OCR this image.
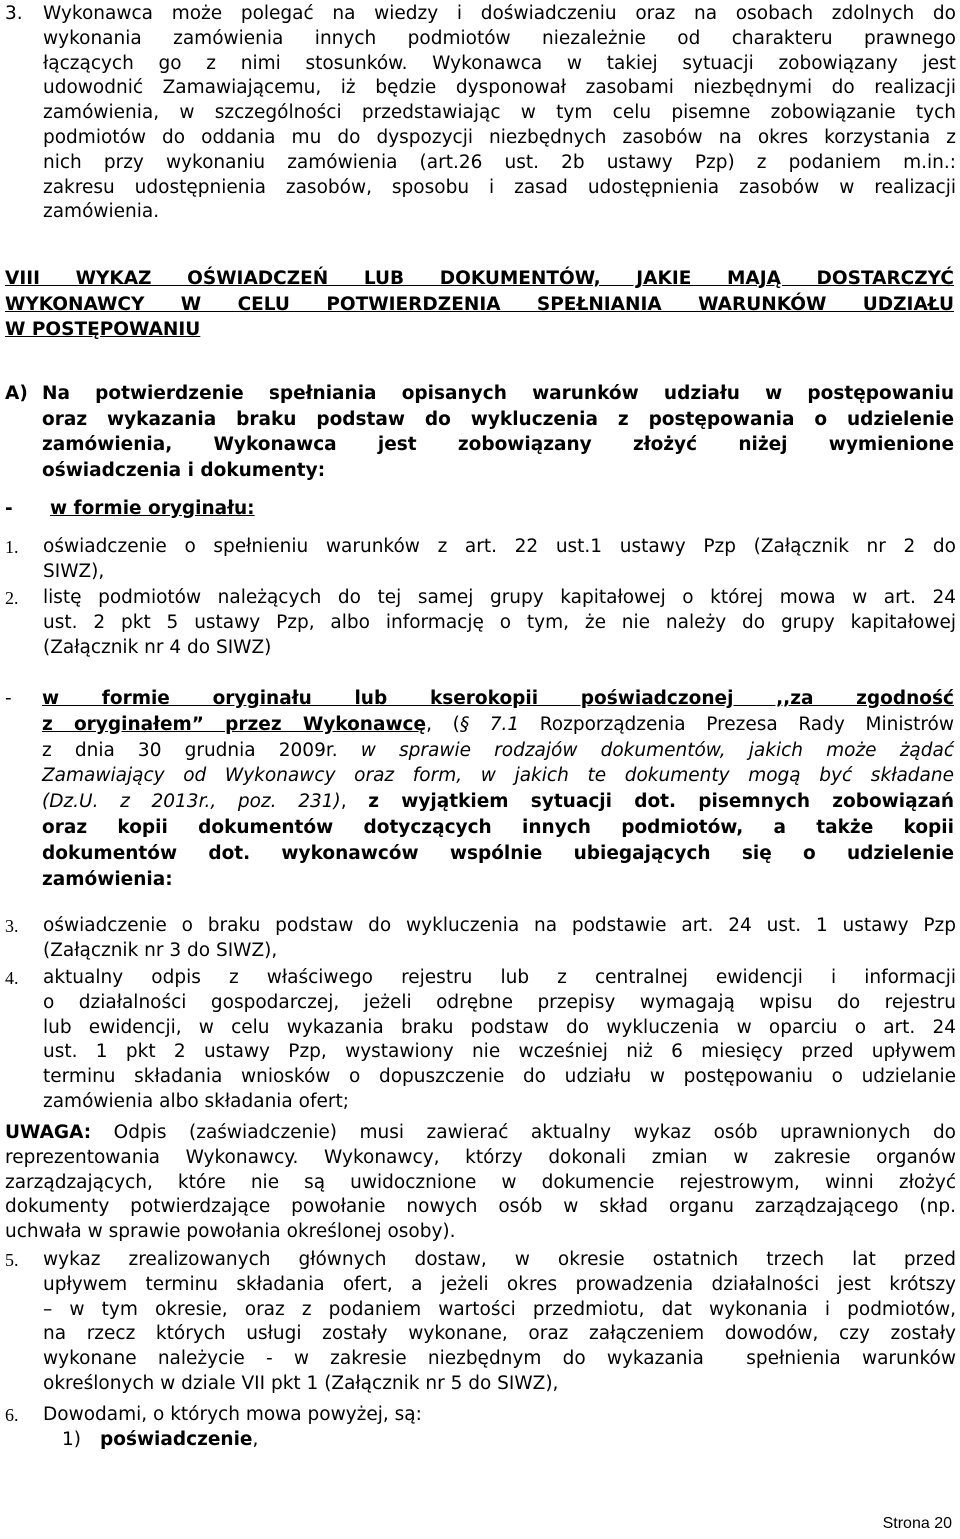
3.	Wykonawca może polegać na wiedzy i doświadczeniu oraz na osobach zdolnych do
wykonania zamówienia innych podmiotów niezależnie od charakteru prawnego
łączących go z nimi stosunków. Wykonawca w takiej sytuacji zobowiązany jest
udowodnić Zamawiającemu, iż będzie dysponował zasobami niezbędnymi do realizacji
zamówienia, w szczególności przedstawiając w tym celu pisemne zobowiązanie tych
podmiotów do oddania mu do dyspozycji niezbędnych zasobów na okres korzystania z
nich przy wykonaniu zamówienia (art.26 ust. 2b ustawy Pzp) z podaniem m.in.:
zakresu udostępnienia zasobów, sposobu i zasad udostępnienia zasobów w realizacji
zamówienia.
VIII WYKAZ OŚWIADCZEŃ LUB DOKUMENTÓW, JAKIE MAJĄ DOSTARCZYĆ
WYKONAWCY W CELU POTWIERDZENIA SPEŁNIANIA WARUNKÓW UDZIAŁU
W POSTĘPOWANIU
A) Na potwierdzenie spełniania opisanych warunków udziału w postępowaniu
oraz wykazania braku podstaw do wykluczenia z postępowania o udzielenie
zamówienia, Wykonawca jest zobowiązany złożyć niżej wymienione
oświadczenia i dokumenty:
-	w formie oryginału:
1.	oświadczenie o spełnieniu warunków z art. 22 ust.1 ustawy Pzp (Załącznik nr 2 do
SIWZ),
2.	listę podmiotów należących do tej samej grupy kapitałowej o której mowa w art. 24
ust. 2 pkt 5 ustawy Pzp, albo informację o tym, że nie należy do grupy kapitałowej
(Załącznik nr 4 do SIWZ)
-	w formie oryginału lub kserokopii poświadczonej ,,za zgodność
z oryginałem” przez Wykonawcę, (§ 7.1 Rozporządzenia Prezesa Rady Ministrów
z dnia 30 grudnia 2009r. w sprawie rodzajów dokumentów, jakich może żądać
Zamawiający od Wykonawcy oraz form, w jakich te dokumenty mogą być składane
(Dz.U. z 2013r., poz. 231), z wyjątkiem sytuacji dot. pisemnych zobowiązań
oraz kopii dokumentów dotyczących innych podmiotów, a także kopii
dokumentów dot. wykonawców wspólnie ubiegających się o udzielenie
zamówienia:
3.	oświadczenie o braku podstaw do wykluczenia na podstawie art. 24 ust. 1 ustawy Pzp
(Załącznik nr 3 do SIWZ),
4.	aktualny odpis z właściwego rejestru lub z centralnej ewidencji i informacji
o działalności gospodarczej, jeżeli odrębne przepisy wymagają wpisu do rejestru
lub ewidencji, w celu wykazania braku podstaw do wykluczenia w oparciu o art. 24
ust. 1 pkt 2 ustawy Pzp, wystawiony nie wcześniej niż 6 miesięcy przed upływem
terminu składania wniosków o dopuszczenie do udziału w postępowaniu o udzielanie
zamówienia albo składania ofert;
UWAGA: Odpis (zaświadczenie) musi zawierać aktualny wykaz osób uprawnionych do
reprezentowania Wykonawcy. Wykonawcy, którzy dokonali zmian w zakresie organów
zarządzających, które nie są uwidocznione w dokumencie rejestrowym, winni złożyć
dokumenty potwierdzające powołanie nowych osób w skład organu zarządzającego (np.
uchwała w sprawie powołania określonej osoby).
5.	wykaz zrealizowanych głównych dostaw, w okresie ostatnich trzech lat przed
upływem terminu składania ofert, a jeżeli okres prowadzenia działalności jest krótszy
– w tym okresie, oraz z podaniem wartości przedmiotu, dat wykonania i podmiotów,
na rzecz których usługi zostały wykonane, oraz załączeniem dowodów, czy zostały
wykonane należycie - w zakresie niezbędnym do wykazania  spełnienia warunków
określonych w dziale VII pkt 1 (Załącznik nr 5 do SIWZ),
6.	Dowodami, o których mowa powyżej, są:
1)	poświadczenie,
Strona 20
